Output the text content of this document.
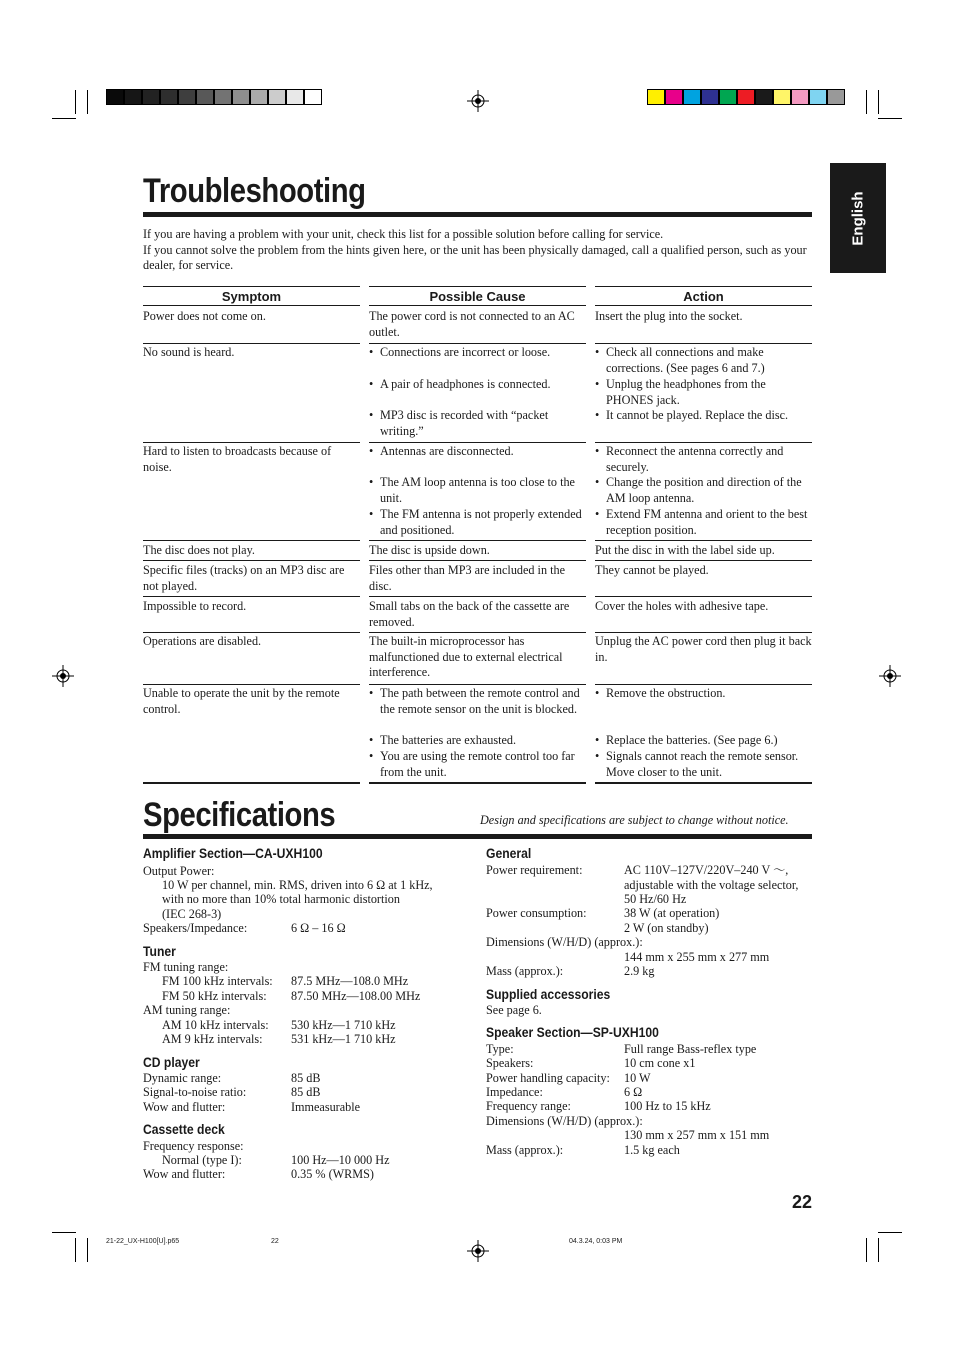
English
Troubleshooting

If you are having a problem with your unit, check this list for a possible solution before calling for service.

If you cannot solve the problem from the hints given here, or the unit has been physically damaged, call a qualified person, such as your dealer, for service.

Symptom	Possible Cause	Action
Power does not come on.	The power cord is not connected to an AC outlet.
Insert the plug into the socket.
No sound is heard.
•	Connections are incorrect or loose.
• A pair of headphones is connected.
• MP3 disc is recorded with “packet writing.”
• Check all connections and make corrections. (See pages 6 and 7.)
• Unplug the headphones from the PHONES jack.
• It cannot be played. Replace the disc.
Hard to listen to broadcasts because of noise.
• Antennas are disconnected.
• The AM loop antenna is too close to the unit.
• The FM antenna is not properly extended and positioned.
• Reconnect the antenna correctly and securely.
• Change the position and direction of the AM loop antenna.
• Extend FM antenna and orient to the best reception position.
The disc does not play.	The disc is upside down.	Put the disc in with the label side up.
Specific files (tracks) on an MP3 disc are not played.
Files other than MP3 are included in the disc.
They cannot be played.
Impossible to record.	Small tabs on the back of the cassette are removed.
Cover the holes with adhesive tape.
Operations are disabled.	The built-in microprocessor has malfunctioned due to external electrical interference.
Unplug the AC power cord then plug it back in.
Unable to operate the unit by the remote control.
• The path between the remote control and the remote sensor on the unit is blocked.
• The batteries are exhausted.
• You are using the remote control too far from the unit.
• Remove the obstruction.
• Replace the batteries. (See page 6.)
• Signals cannot reach the remote sensor. Move closer to the unit.
Specifications	Design and specifications are subject to change without notice.
Amplifier Section—CA-UXH100
Output Power:
10 W per channel, min. RMS, driven into 6 Ω at 1 kHz,
with no more than 10% total harmonic distortion
(IEC 268-3)
Speakers/Impedance:	6 Ω – 16 Ω
Tuner
FM tuning range:
FM 100 kHz intervals: 87.5 MHz—108.0 MHz
FM 50 kHz intervals: 87.50 MHz—108.00 MHz
AM tuning range:
AM 10 kHz intervals: 530 kHz—1 710 kHz
AM 9 kHz intervals: 531 kHz—1 710 kHz
CD player
Dynamic range:	85 dB
Signal-to-noise ratio:	85 dB
Wow and flutter:	Immeasurable
Cassette deck
Frequency response:
Normal (type I):	100 Hz—10 000 Hz
Wow and flutter:	0.35 % (WRMS)
General
Power requirement:	AC 110V–127V/220V–240 V ～,
adjustable with the voltage selector,
50 Hz/60 Hz
Power consumption:	38 W (at operation)
2 W (on standby)
Dimensions (W/H/D) (approx.):
144 mm x 255 mm x 277 mm
Mass (approx.):	2.9 kg
Supplied accessories
See page 6.
Speaker Section—SP-UXH100
Type:	Full range Bass-reflex type
Speakers:	10 cm cone x1
Power handling capacity: 10 W
Impedance:	6 Ω
Frequency range:	100 Hz to 15 kHz
Dimensions (W/H/D) (approx.):
130 mm x 257 mm x 151 mm
Mass (approx.):	1.5 kg each
22
21-22_UX-H100[U].p65	22	04.3.24, 0:03 PM
